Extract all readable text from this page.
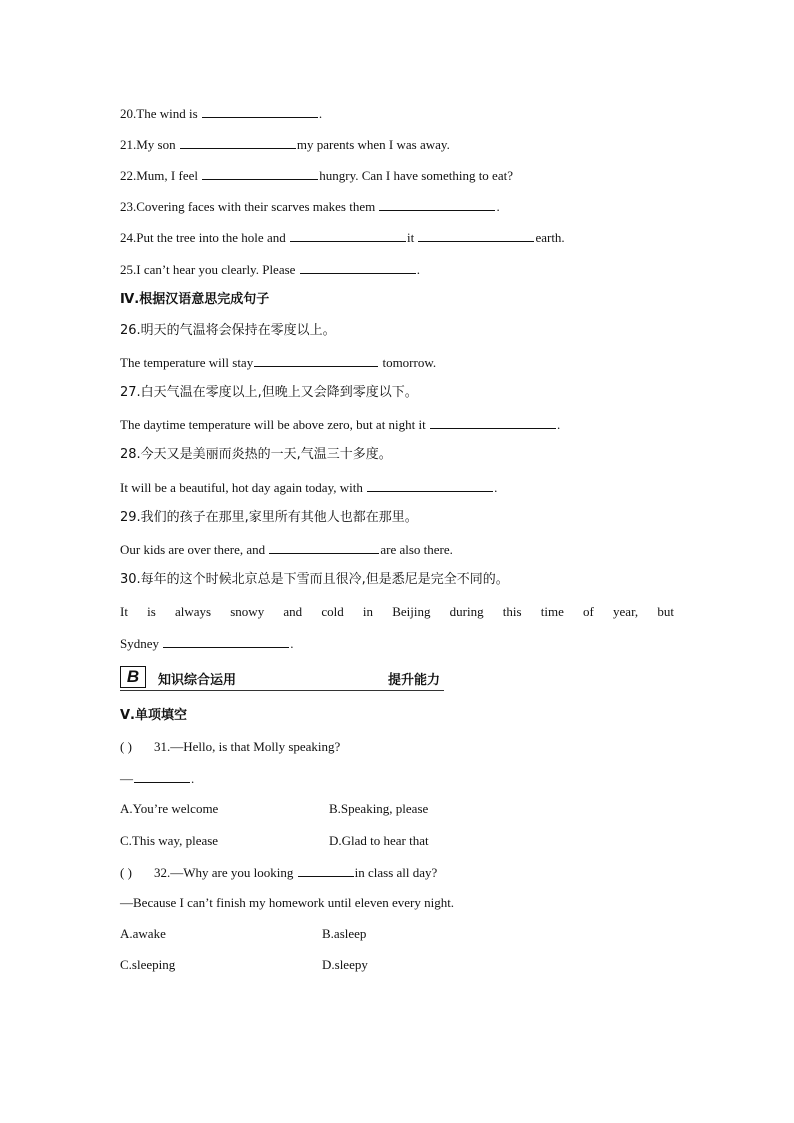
20.The wind is	.
21.My son	my parents when I was away.
22.Mum, I feel	hungry. Can I have something to eat?
23.Covering faces with their scarves makes them	.
24.Put the tree into the hole and	it	earth.
25.I can’t hear you clearly. Please	.
Ⅳ.根据汉语意思完成句子
26.明天的气温将会保持在零度以上。
The temperature will stay	tomorrow.
27.白天气温在零度以上,但晚上又会降到零度以下。
The daytime temperature will be above zero, but at night it	.
28.今天又是美丽而炎热的一天,气温三十多度。
It will be a beautiful, hot day again today, with	.
29.我们的孩子在那里,家里所有其他人也都在那里。
Our kids are over there, and	are also there.
30.每年的这个时候北京总是下雪而且很冷,但是悉尼是完全不同的。
It is always snowy and cold in Beijing during this time of year, but
Sydney	.
B	知识综合运用	提升能力
Ⅴ.单项填空
( ) 31.—Hello, is that Molly speaking?
—	.
A.You’re welcome	B.Speaking, please
C.This way, please	D.Glad to hear that
( ) 32.—Why are you looking	in class all day?
—Because I can’t finish my homework until eleven every night.
A.awake	B.asleep
C.sleeping	D.sleepy
